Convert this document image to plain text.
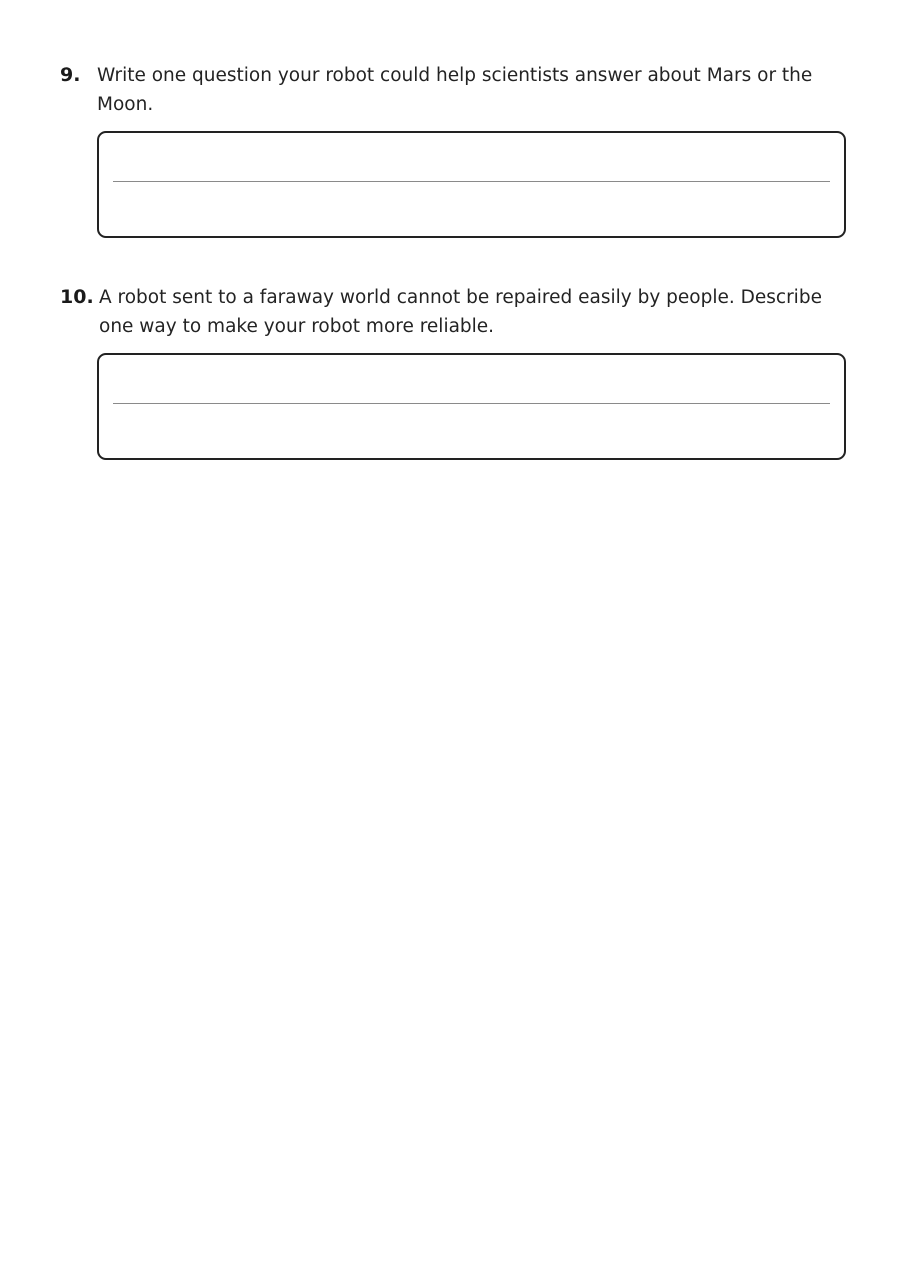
9. Write one question your robot could help scientists answer about Mars or the Moon.
10. A robot sent to a faraway world cannot be repaired easily by people. Describe one way to make your robot more reliable.
